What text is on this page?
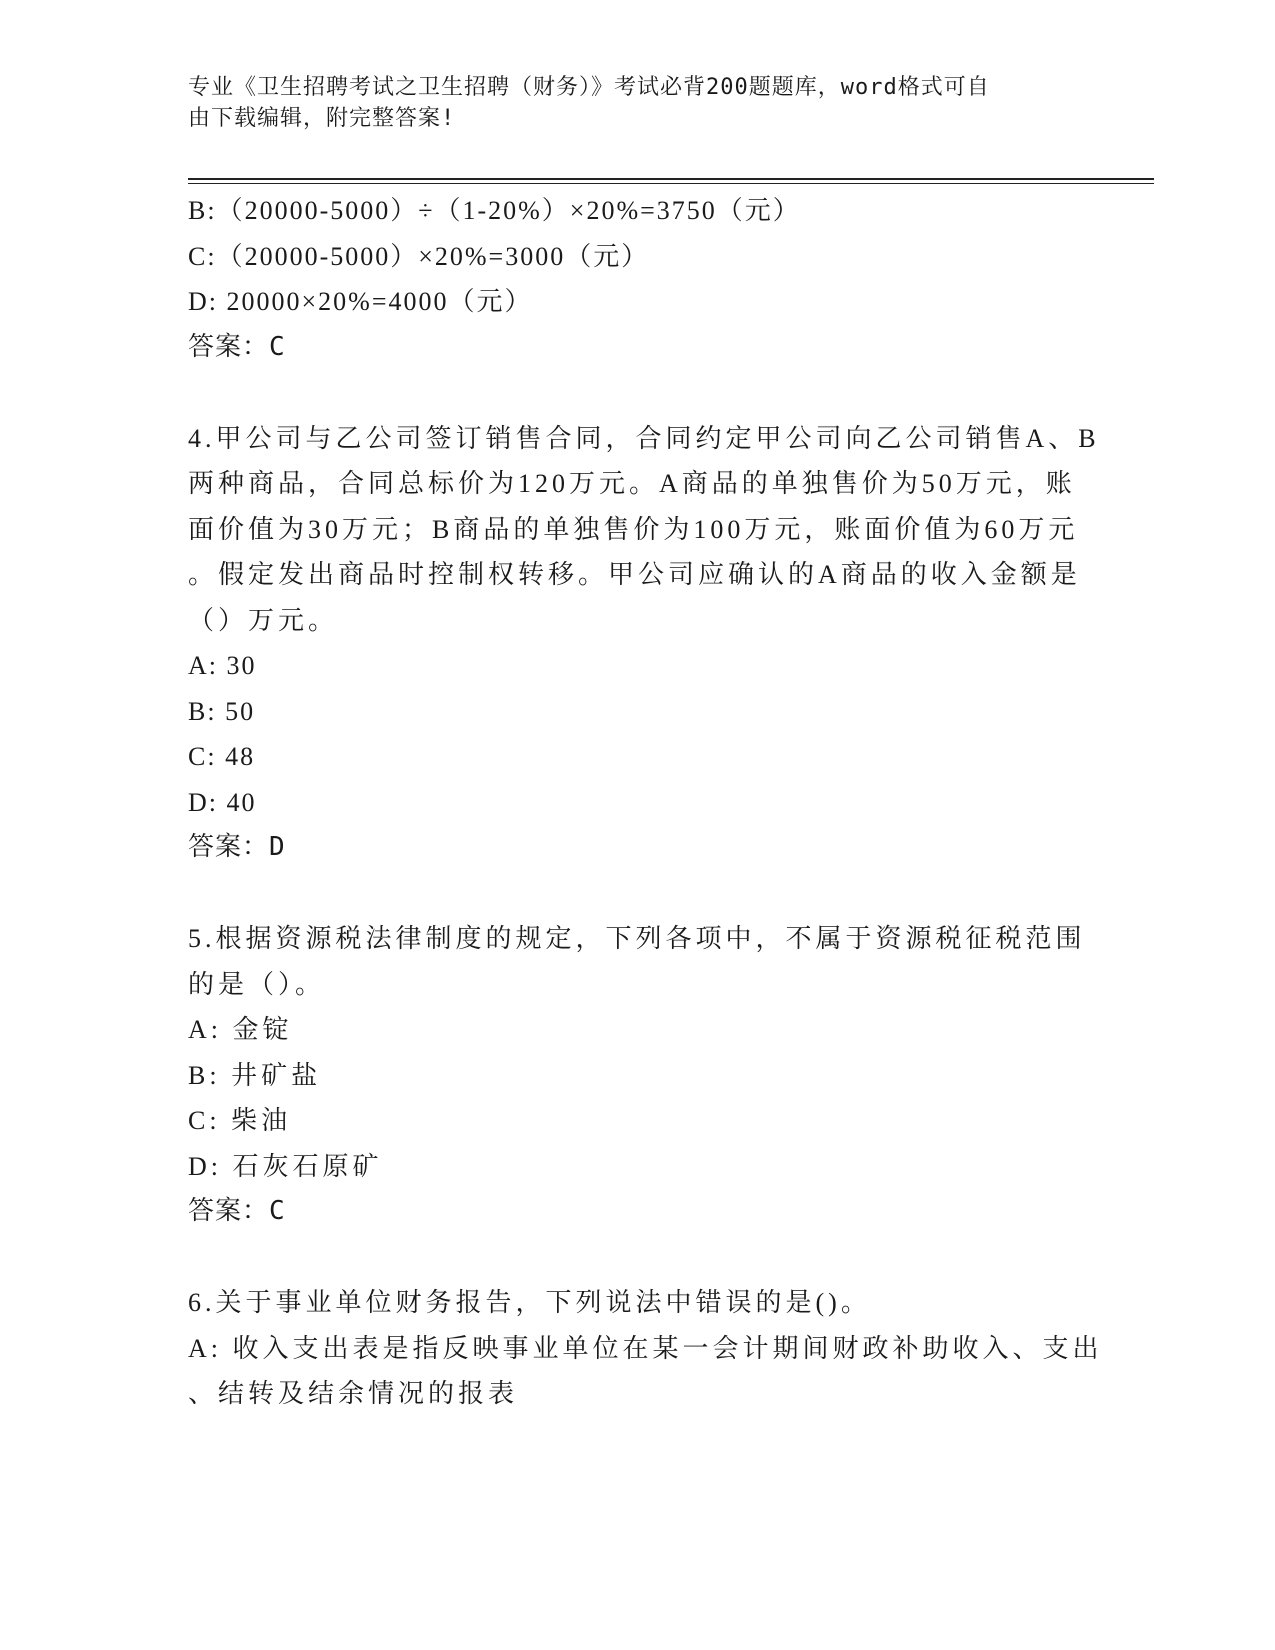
专业《卫生招聘考试之卫生招聘（财务）》考试必背200题题库，word格式可自
由下载编辑，附完整答案!
B:（20000-5000）÷（1-20%）×20%=3750（元）
C:（20000-5000）×20%=3000（元）
D: 20000×20%=4000（元）
答案：C
4.甲公司与乙公司签订销售合同，合同约定甲公司向乙公司销售A、B
两种商品，合同总标价为120万元。A商品的单独售价为50万元，账
面价值为30万元；B商品的单独售价为100万元，账面价值为60万元
。假定发出商品时控制权转移。甲公司应确认的A商品的收入金额是
（）万元。
A: 30
B: 50
C: 48
D: 40
答案：D
5.根据资源税法律制度的规定，下列各项中，不属于资源税征税范围
的是（）。
A: 金锭
B: 井矿盐
C: 柴油
D: 石灰石原矿
答案：C
6.关于事业单位财务报告，下列说法中错误的是()。
A: 收入支出表是指反映事业单位在某一会计期间财政补助收入、支出
、结转及结余情况的报表
